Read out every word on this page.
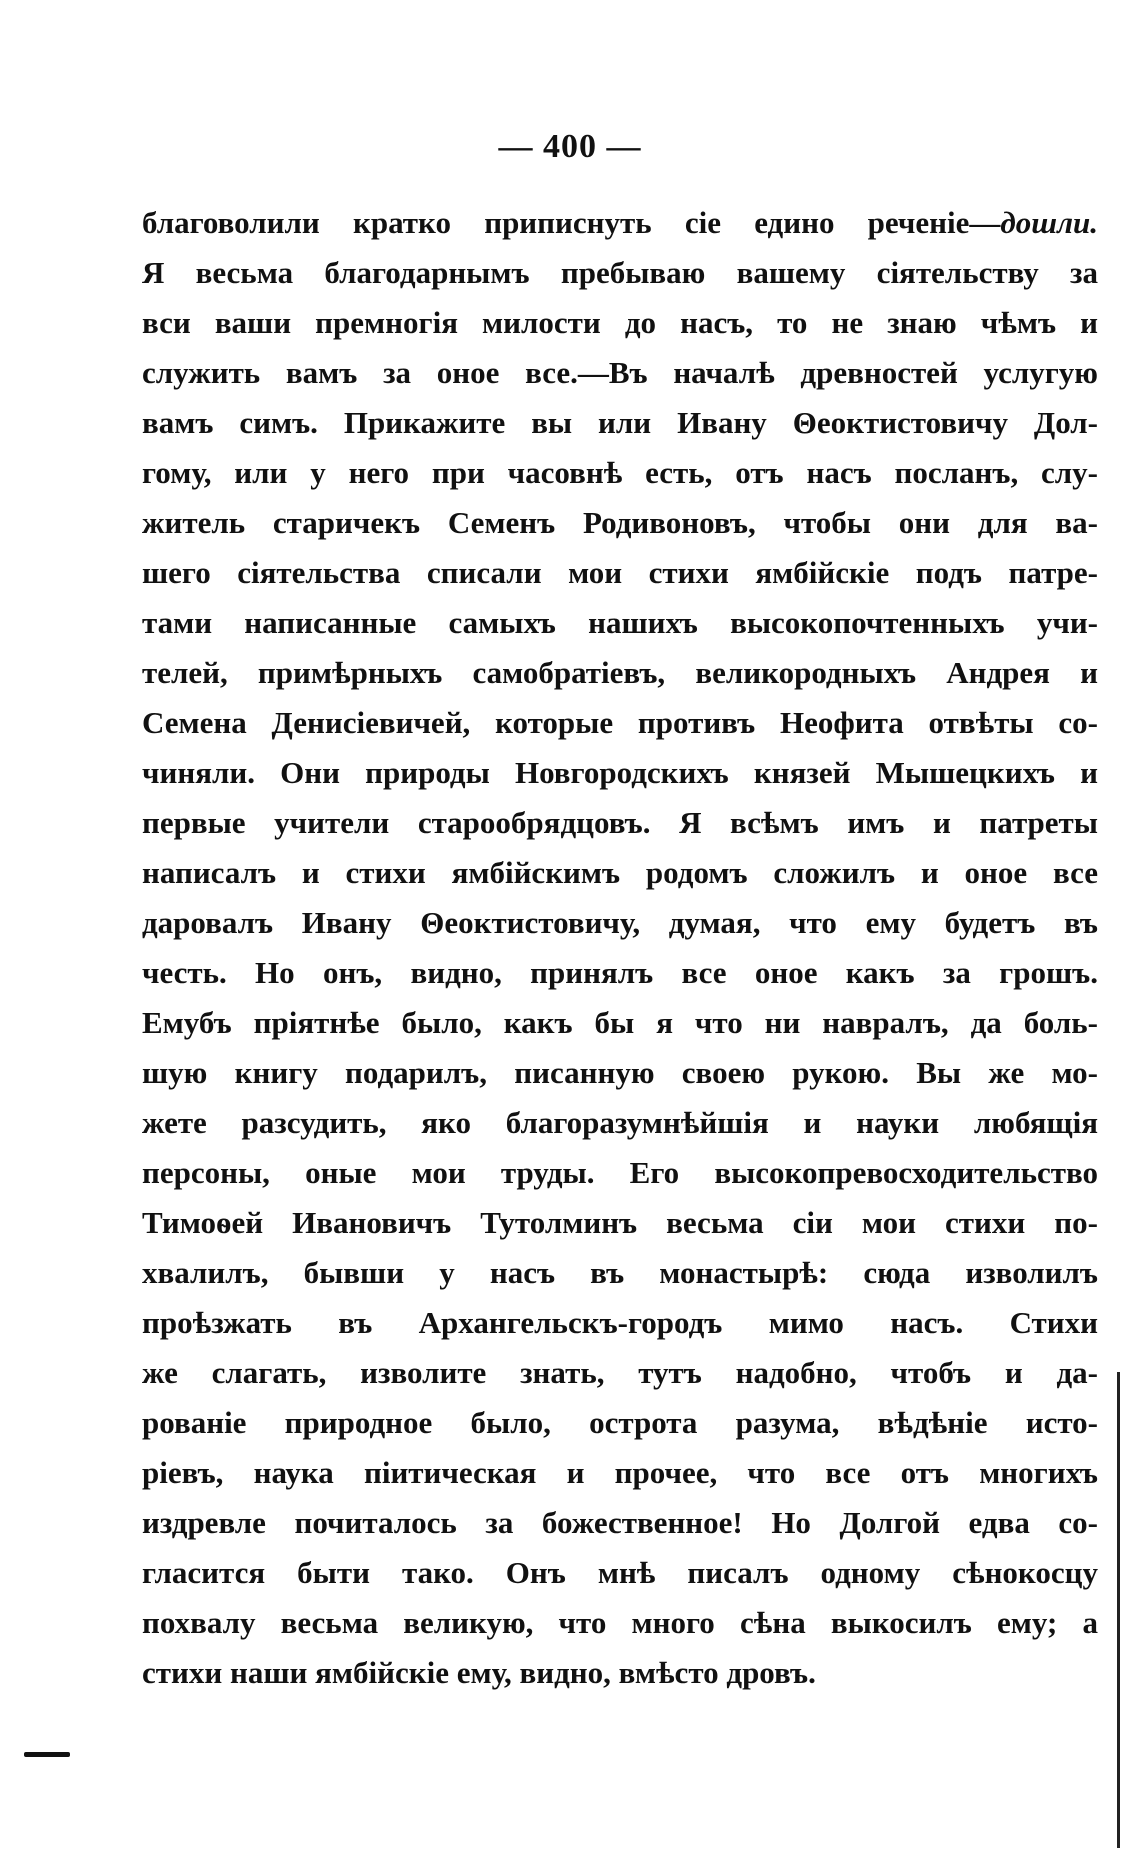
— 400 —
благоволили кратко приписнуть сіе едино реченіе—дошли.
Я весьма благодарнымъ пребываю вашему сіятельству за
вси ваши премногія милости до насъ, то не знаю чѣмъ и
служить вамъ за оное все.—Въ началѣ древностей услугую
вамъ симъ. Прикажите вы или Ивану Θеоктистовичу Дол-
гому, или у него при часовнѣ есть, отъ насъ посланъ, слу-
житель старичекъ Семенъ Родивоновъ, чтобы они для ва-
шего сіятельства списали мои стихи ямбійскіе подъ патре-
тами написанные самыхъ нашихъ высокопочтенныхъ учи-
телей, примѣрныхъ самобратіевъ, великородныхъ Андрея и
Семена Денисіевичей, которые противъ Неофита отвѣты со-
чиняли. Они природы Новгородскихъ князей Мышецкихъ и
первые учители старообрядцовъ. Я всѣмъ имъ и патреты
написалъ и стихи ямбійскимъ родомъ сложилъ и оное все
даровалъ Ивану Θеоктистовичу, думая, что ему будетъ въ
честь. Но онъ, видно, принялъ все оное какъ за грошъ.
Емубъ пріятнѣе было, какъ бы я что ни навралъ, да боль-
шую книгу подарилъ, писанную своею рукою. Вы же мо-
жете разсудить, яко благоразумнѣйшія и науки любящія
персоны, оные мои труды. Его высокопревосходительство
Тимоѳей Ивановичъ Тутолминъ весьма сіи мои стихи по-
хвалилъ, бывши у насъ въ монастырѣ: сюда изволилъ
проѣзжать въ Архангельскъ-городъ мимо насъ. Стихи
же слагать, изволите знать, тутъ надобно, чтобъ и да-
рованіе природное было, острота разума, вѣдѣніе исто-
ріевъ, наука піитическая и прочее, что все отъ многихъ
издревле почиталось за божественное! Но Долгой едва со-
гласится быти тако. Онъ мнѣ писалъ одному сѣнокосцу
похвалу весьма великую, что много сѣна выкосилъ ему; а
стихи наши ямбійскіе ему, видно, вмѣсто дровъ.
